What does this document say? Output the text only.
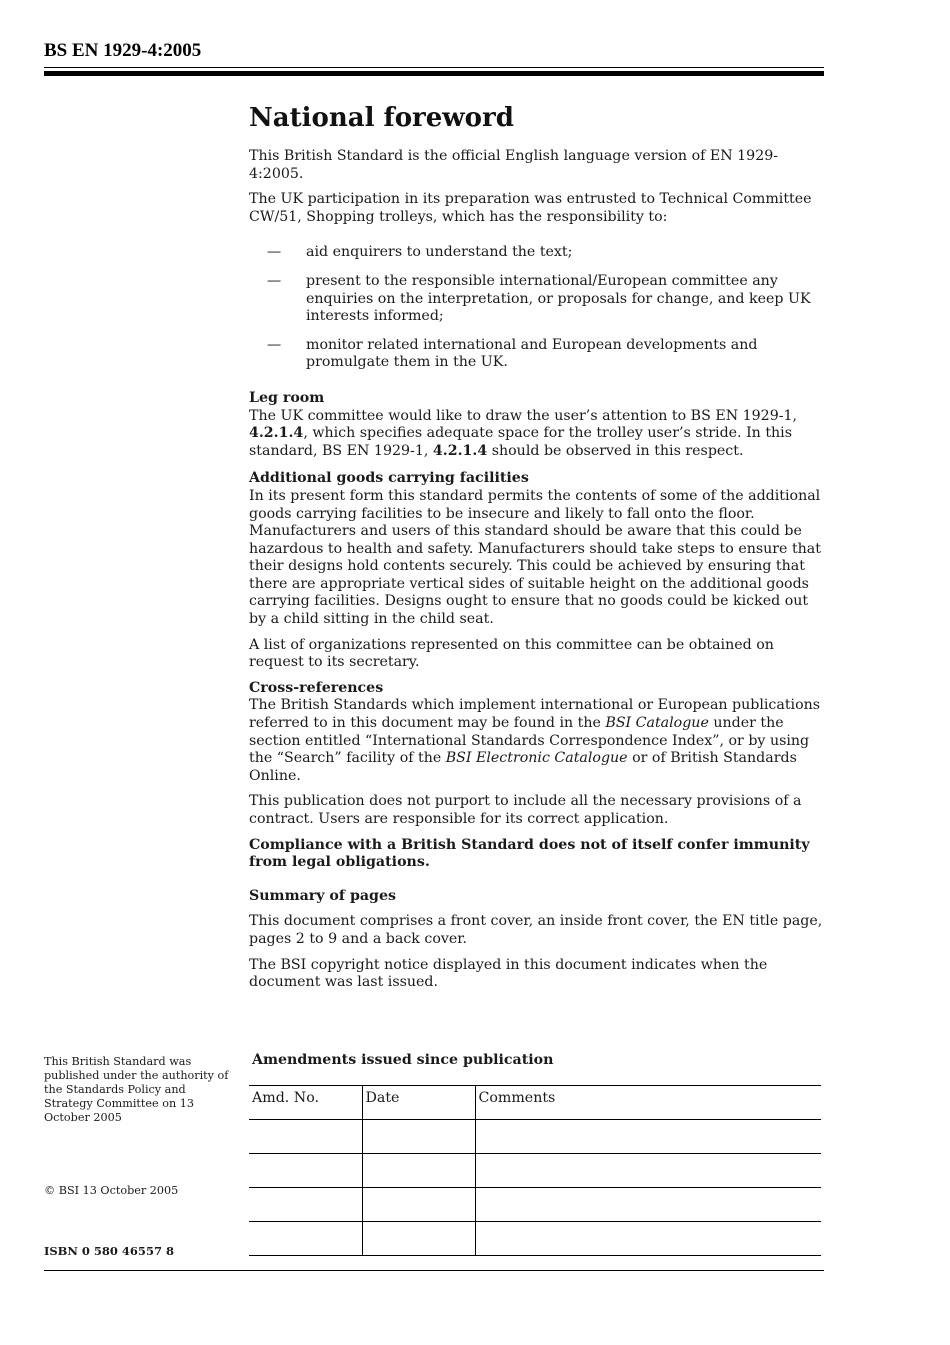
BS EN 1929-4:2005
National foreword

This British Standard is the official English language version of EN 1929-4:2005.

The UK participation in its preparation was entrusted to Technical Committee CW/51, Shopping trolleys, which has the responsibility to:

—	aid enquirers to understand the text;
—	present to the responsible international/European committee any enquiries on the interpretation, or proposals for change, and keep UK interests informed;
—	monitor related international and European developments and promulgate them in the UK.
Leg room

The UK committee would like to draw the user’s attention to BS EN 1929-1, 4.2.1.4, which specifies adequate space for the trolley user’s stride. In this standard, BS EN 1929-1, 4.2.1.4 should be observed in this respect.

Additional goods carrying facilities

In its present form this standard permits the contents of some of the additional goods carrying facilities to be insecure and likely to fall onto the floor. Manufacturers and users of this standard should be aware that this could be hazardous to health and safety. Manufacturers should take steps to ensure that their designs hold contents securely. This could be achieved by ensuring that there are appropriate vertical sides of suitable height on the additional goods carrying facilities. Designs ought to ensure that no goods could be kicked out by a child sitting in the child seat.

A list of organizations represented on this committee can be obtained on request to its secretary.

Cross-references

The British Standards which implement international or European publications referred to in this document may be found in the BSI Catalogue under the section entitled “International Standards Correspondence Index”, or by using the “Search” facility of the BSI Electronic Catalogue or of British Standards Online.

This publication does not purport to include all the necessary provisions of a contract. Users are responsible for its correct application.

Compliance with a British Standard does not of itself confer immunity from legal obligations.

Summary of pages

This document comprises a front cover, an inside front cover, the EN title page, pages 2 to 9 and a back cover.

The BSI copyright notice displayed in this document indicates when the document was last issued.

This British Standard was published under the authority of the Standards Policy and Strategy Committee on 13 October 2005
© BSI 13 October 2005
ISBN 0 580 46557 8
Amendments issued since publication
Amd. No.	Date	Comments
